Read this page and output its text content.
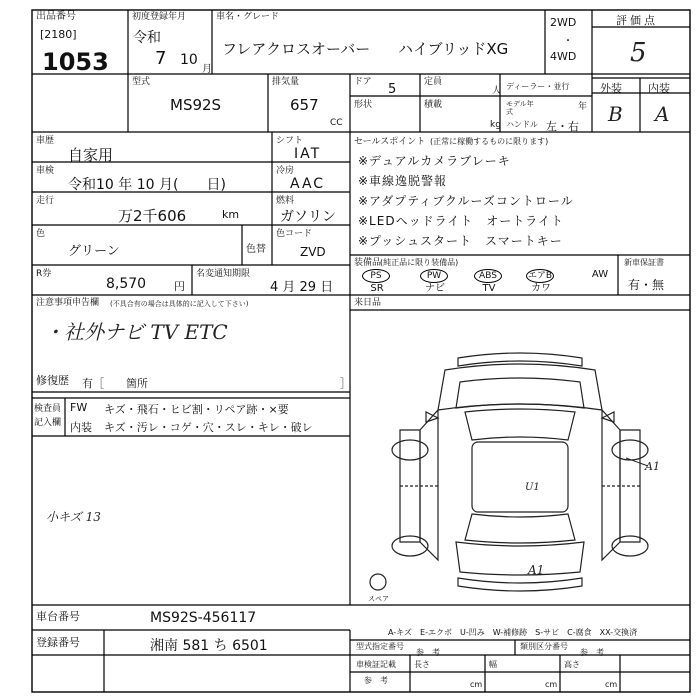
出品番号
[2180]
1053
初度登録年月
令和
7 10
月
車名・グレード
フレアクロスオーバー ハイブリッドXG
2WD
・
4WD
評価点
5
外装 内装
B A
型式
MS92S
排気量
657
CC
ドア 5
形状
定員
人
積載
kg
ディーラー・並行
モデル年式	年
ハンドル 左・右
車歴
自家用
車検
令和10 年 10 月(　　日)
走行
万2千606	km
色
グリーン	色替
色コード
ZVD
R券
8,570	円
名変通知期限
4 月 29 日
シフト
IAT
冷房
AAC
燃料
ガソリン
セールスポイント (正常に稼働するものに限ります)
※デュアルカメラブレーキ
※車線逸脱警報
※アダプティブクルーズコントロール
※LEDヘッドライト　オートライト
※プッシュスタート　スマートキー
装備品
(純正品に限り装備品)
PS	PW	ABS	エアB	AW
SR	ナビ	TV	カワ
新車保証書
有・無
来日品
注意事項申告欄 (不具合有の場合は具体的に記入して下さい)
・社外ナビ TV ETC
修復歴 有［　　箇所	］
検査員
記入欄
FW キズ・飛石・ヒビ割・リペア跡・×要
内装 キズ・汚レ・コゲ・穴・スレ・キレ・破レ
小キズ 13
A1
U1
A1
スペア
車台番号	MS92S-456117
登録番号	湘南 581 ち 6501
A-キズ　E-エクボ　U-凹み　W-補修跡　S-サビ　C-腐食　XX-交換済
型式指定番号
参　考
類別区分番号
参　考
車検証記載
参　考
長さ
cm
幅
cm
高さ
cm
